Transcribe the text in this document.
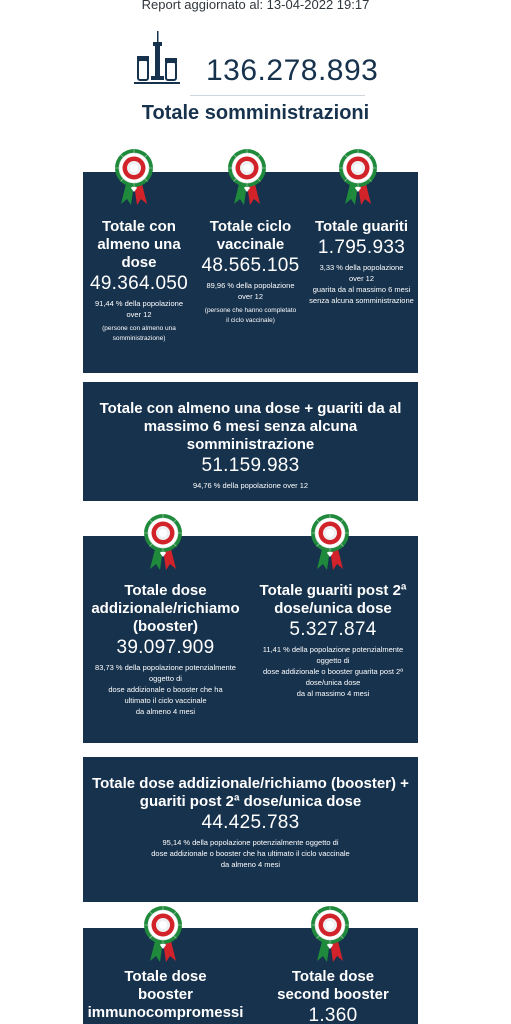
Report aggiornato al: 13-04-2022 19:17
136.278.893
Totale somministrazioni
Totale con
almeno una
dose
49.364.050
91,44 % della popolazione
over 12
(persone con almeno una
somministrazione)
Totale ciclo
vaccinale
48.565.105
89,96 % della popolazione
over 12
(persone che hanno completato
il ciclo vaccinale)
Totale guariti
1.795.933
3,33 % della popolazione
over 12
guarita da al massimo 6 mesi
senza alcuna somministrazione
Totale con almeno una dose + guariti da al
massimo 6 mesi senza alcuna somministrazione
51.159.983
94,76 % della popolazione over 12
Totale dose
addizionale/richiamo
(booster)
39.097.909
83,73 % della popolazione potenzialmente
oggetto di
dose addizionale o booster che ha
ultimato il ciclo vaccinale
da almeno 4 mesi
Totale guariti post 2ª
dose/unica dose
5.327.874
11,41 % della popolazione potenzialmente
oggetto di
dose addizionale o booster guarita post 2ª
dose/unica dose
da al massimo 4 mesi
Totale dose addizionale/richiamo (booster) +
guariti post 2ª dose/unica dose
44.425.783
95,14 % della popolazione potenzialmente oggetto di
dose addizionale o booster che ha ultimato il ciclo vaccinale
da almeno 4 mesi
Totale dose
booster
immunocompromessi
Totale dose
second booster
1.360
